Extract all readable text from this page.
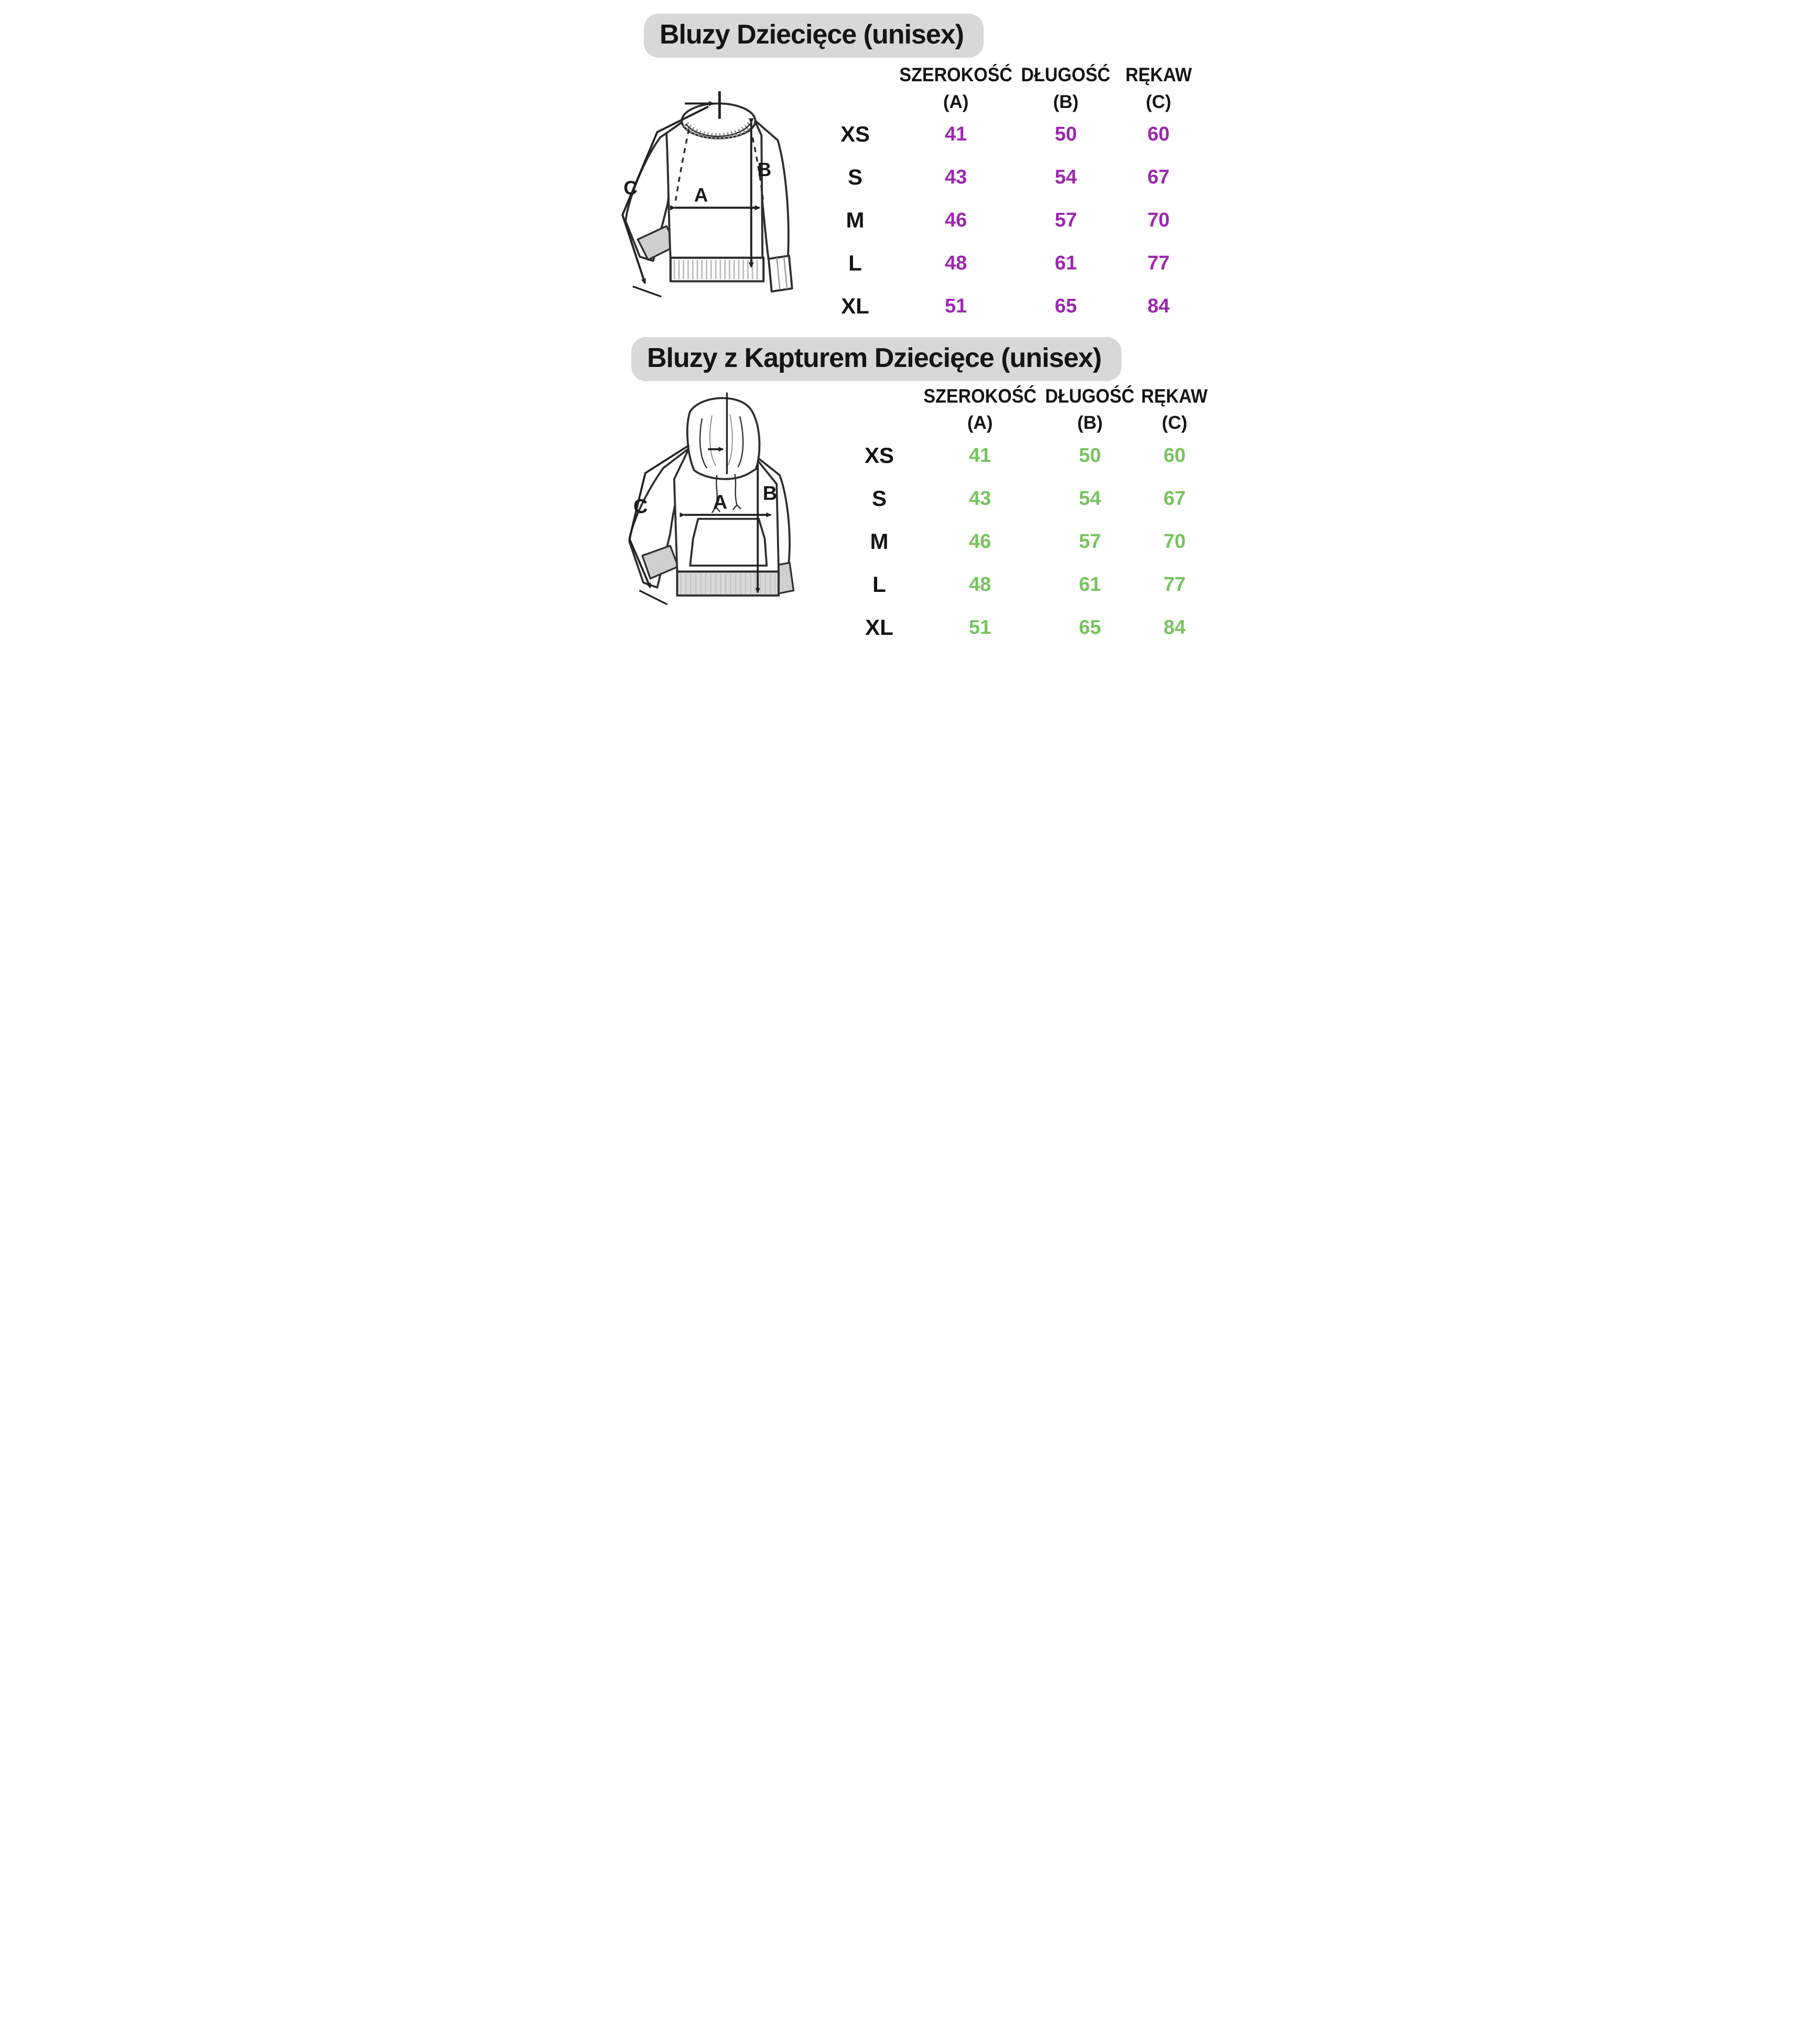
Bluzy Dziecięce (unisex)
A
B
C
SZEROKOŚĆ
(A)
DŁUGOŚĆ
(B)
RĘKAW
(C)
XS	41	50	60
S	43	54	67
M	46	57	70
L	48	61	77
XL	51	65	84
Bluzy z Kapturem Dziecięce (unisex)
A B
C
SZEROKOŚĆ
(A)
DŁUGOŚĆ
(B)
RĘKAW
(C)
XS	41	50	60
S	43	54	67
M	46	57	70
L	48	61	77
XL	51	65	84
